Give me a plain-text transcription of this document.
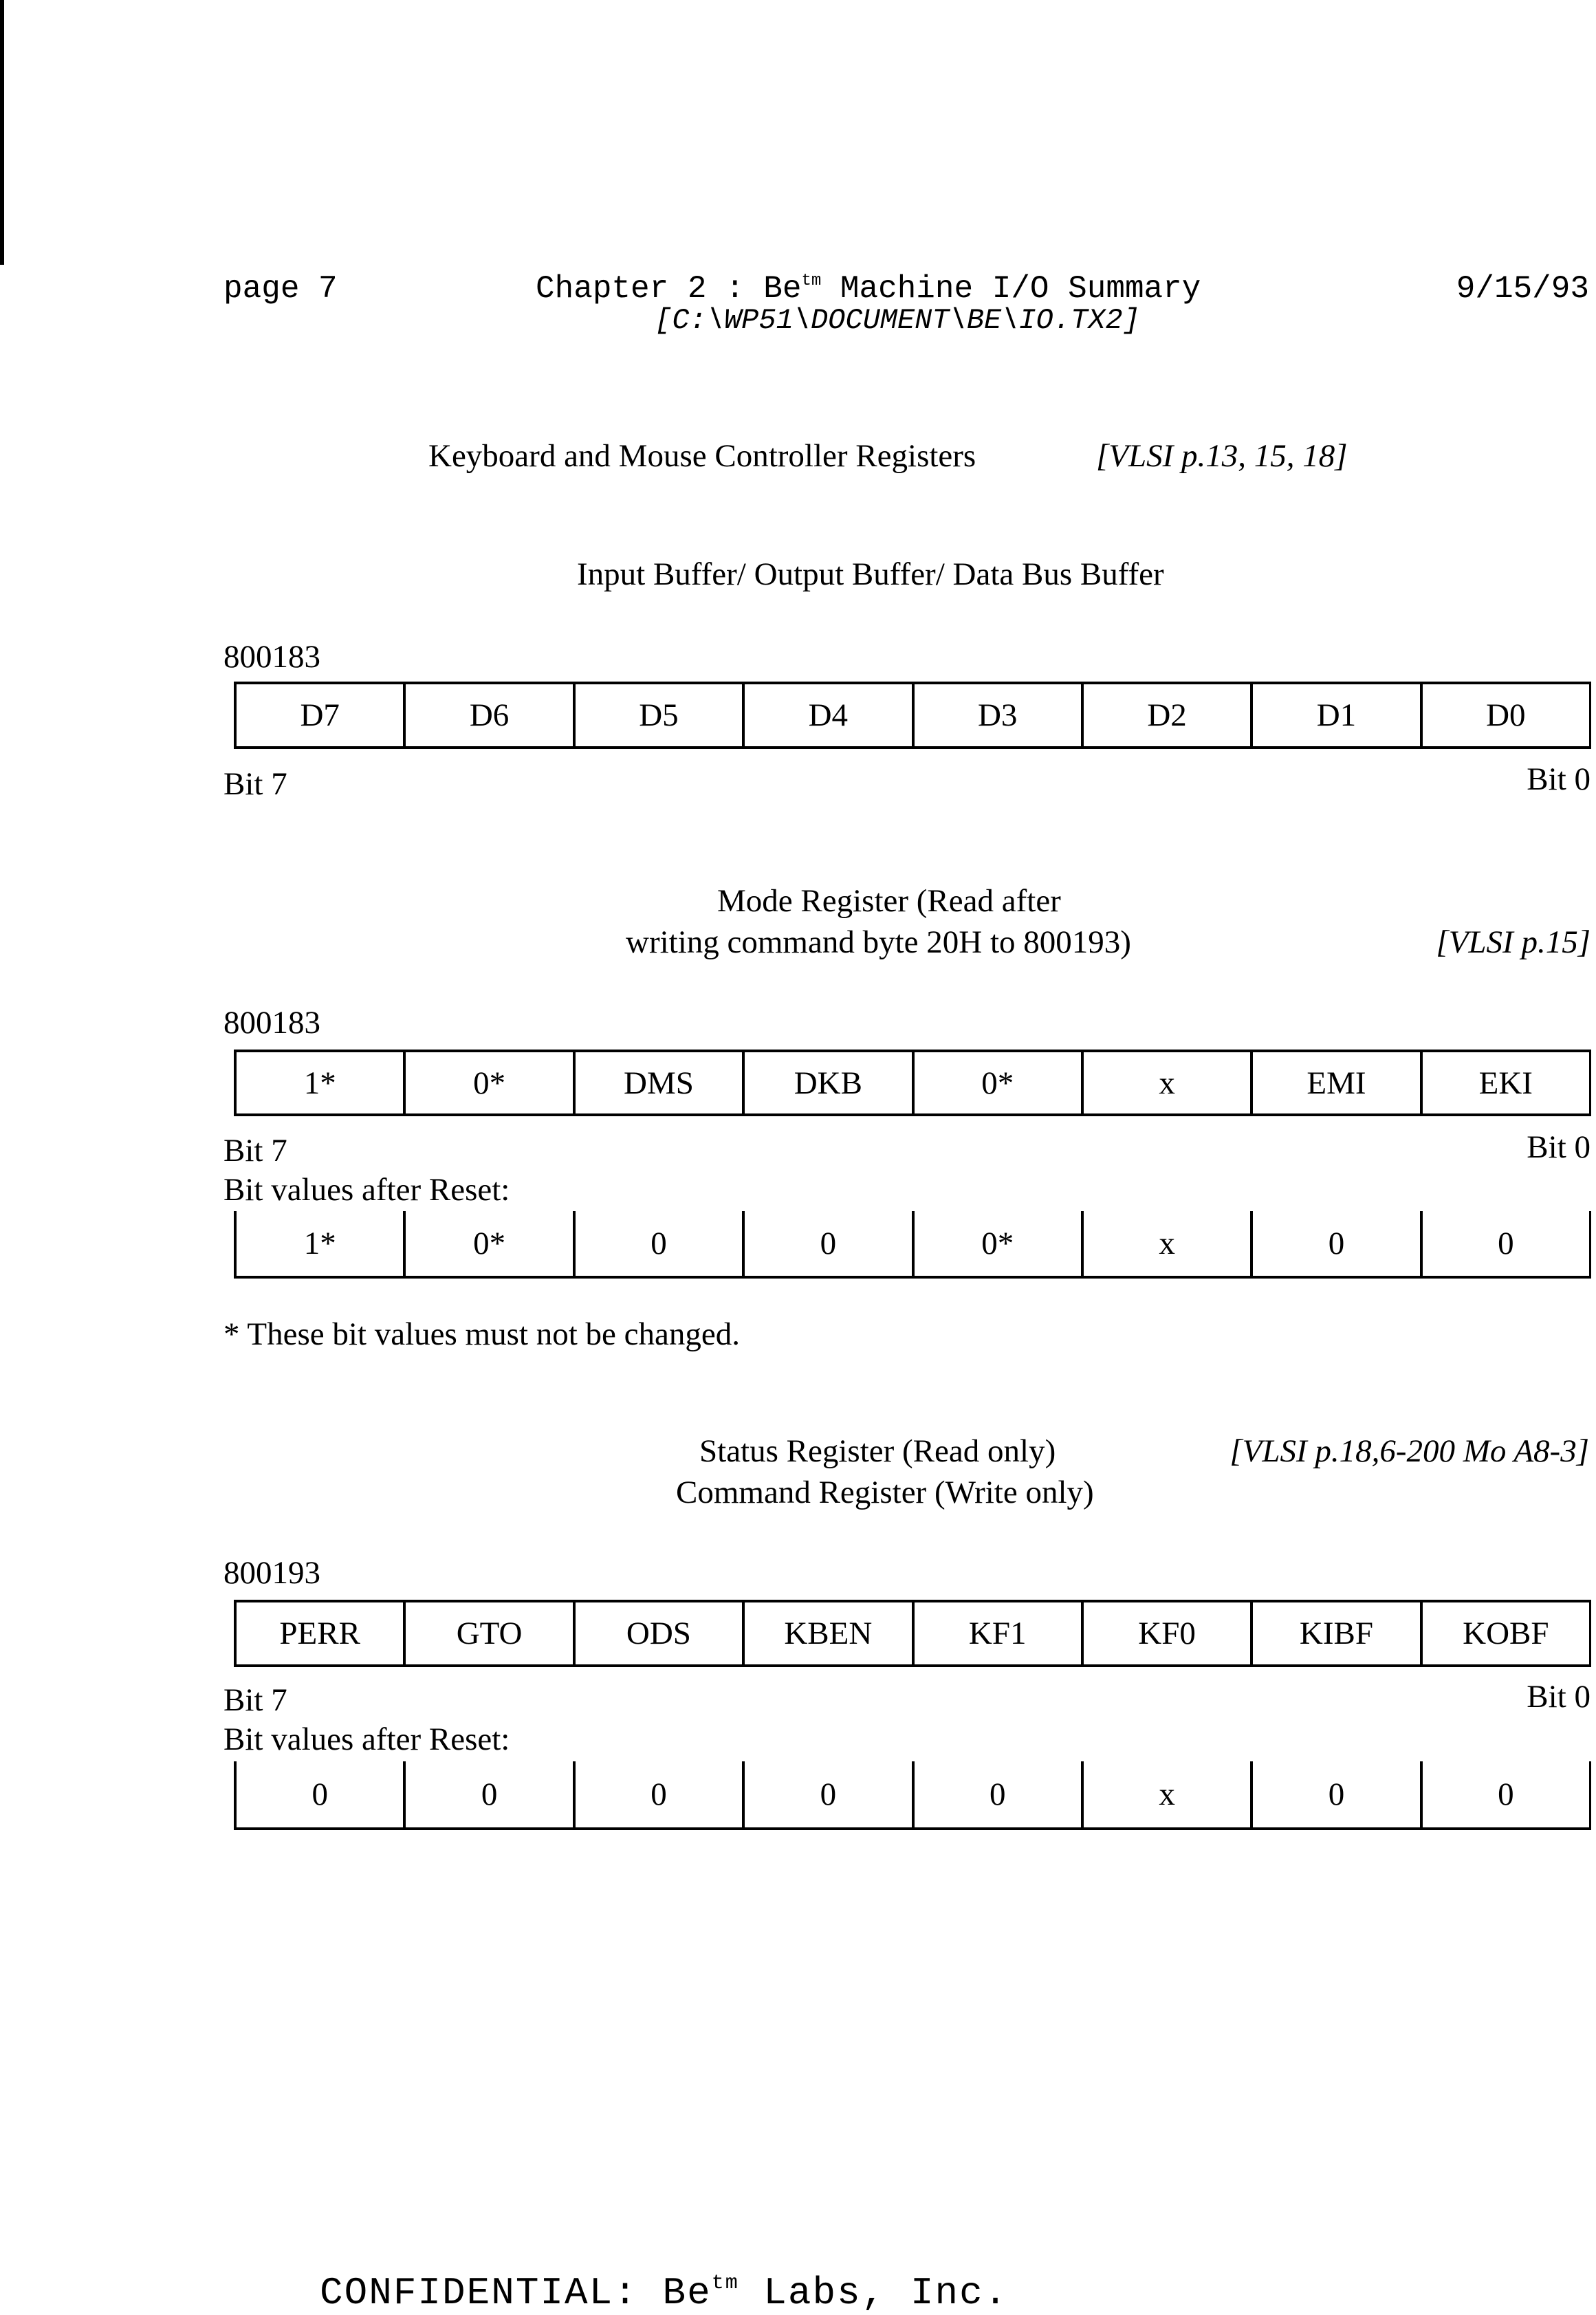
page 7	Chapter 2 : $Be^{tm}$ Machine I/O Summary	9/15/93
[C:\WP51\DOCUMENT\BE\IO.TX2]
Keyboard and Mouse Controller Registers	[VLSI p.13, 15, 18]
Input Buffer/ Output Buffer/ Data Bus Buffer
800183
D7	D6	D5	D4	D3	D2	D1	D0
Bit 7	Bit 0
Mode Register (Read after
writing command byte 20H to 800193)	[VLSI p.15]
800183
1*	0*	DMS	DKB	0*	x	EMI	EKI
Bit 7	Bit 0
Bit values after Reset:
1*	0*	0	0	0*	x	0	0
* These bit values must not be changed.
Status Register (Read only)	[VLSI p.18,6-200 Mo A8-3]
Command Register (Write only)
800193
PERR	GTO	ODS	KBEN	KF1	KF0	KIBF	KOBF
Bit 7	Bit 0
Bit values after Reset:
0	0	0	0	0	x	0	0
CONFIDENTIAL: $Be^{tm}$ Labs, Inc.
